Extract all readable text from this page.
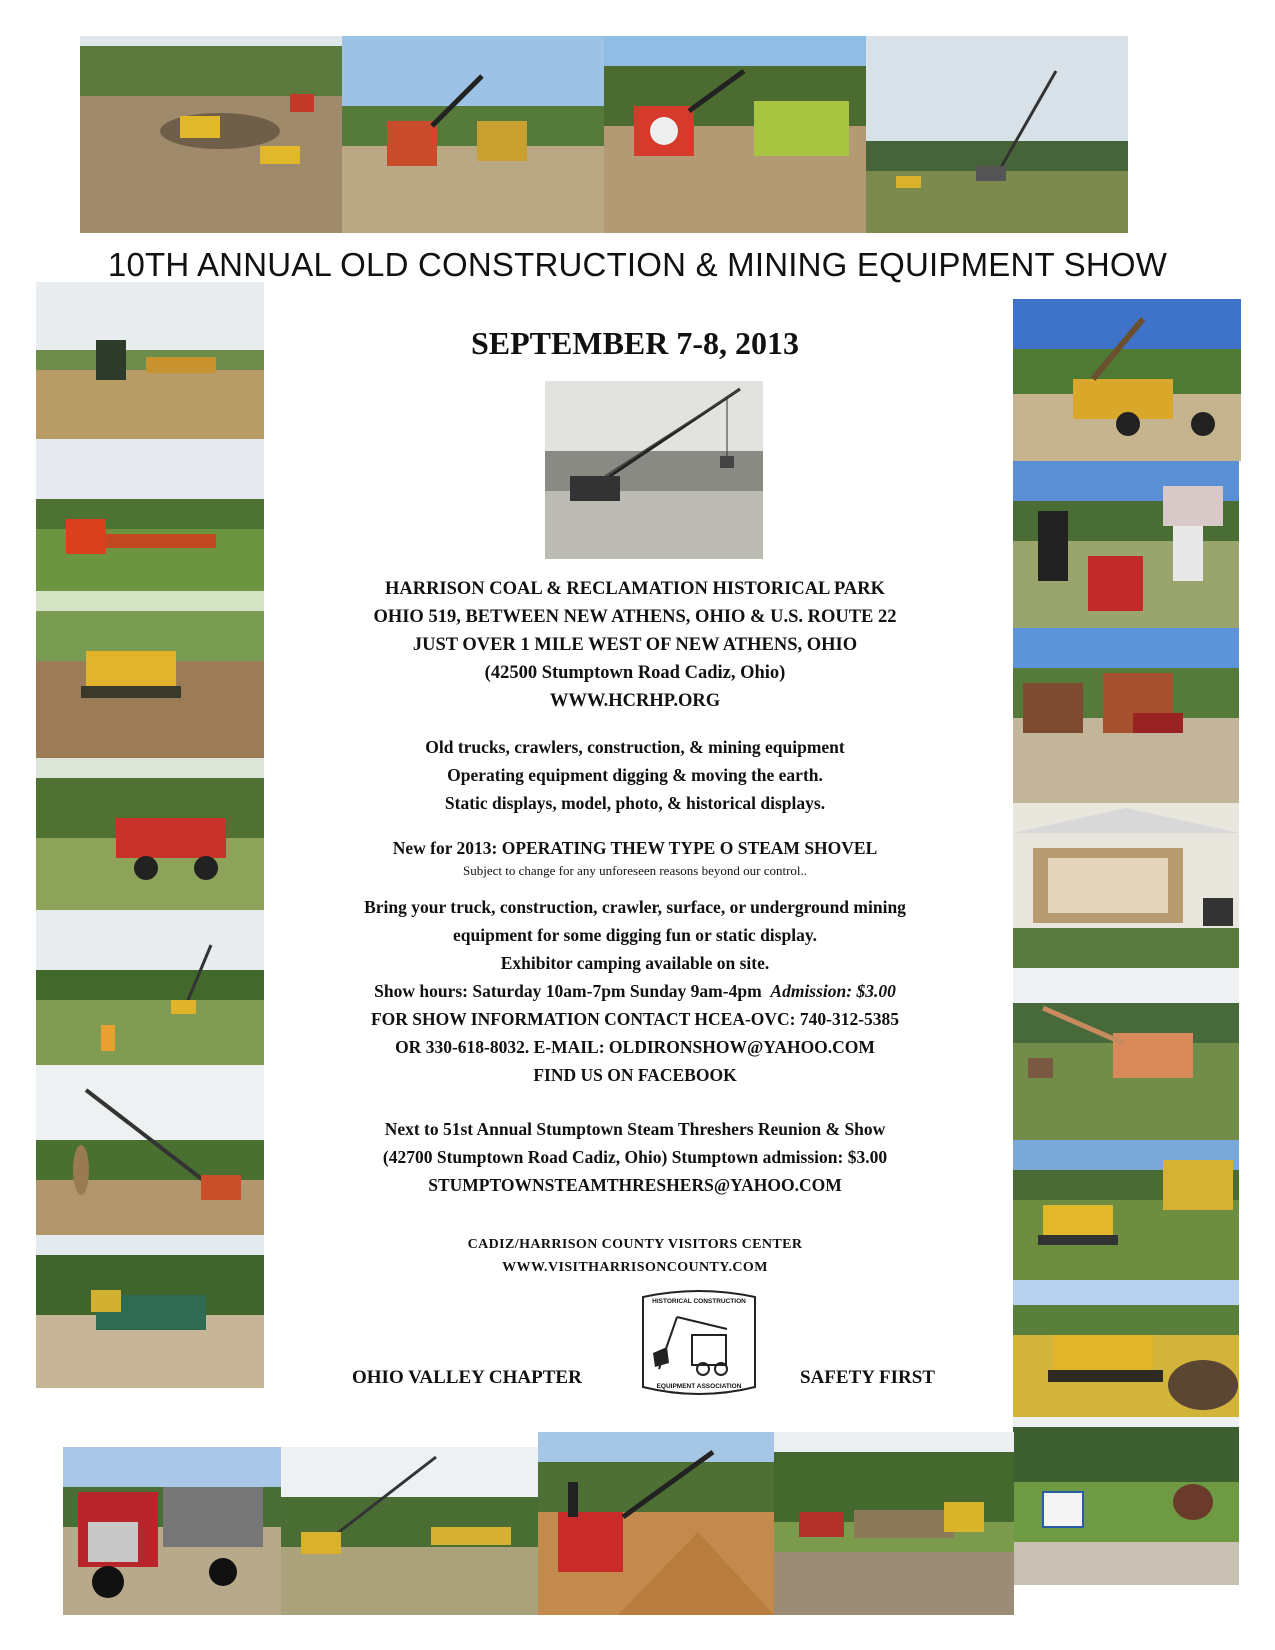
10TH ANNUAL OLD CONSTRUCTION & MINING EQUIPMENT SHOW
SEPTEMBER 7-8, 2013
HARRISON COAL & RECLAMATION HISTORICAL PARK
OHIO 519, BETWEEN NEW ATHENS, OHIO & U.S. ROUTE 22
JUST OVER 1 MILE WEST OF NEW ATHENS, OHIO
(42500 Stumptown Road Cadiz, Ohio)
WWW.HCRHP.ORG
Old trucks, crawlers, construction, & mining equipment
Operating equipment digging & moving the earth.
Static displays, model, photo, & historical displays.
New for 2013: OPERATING THEW TYPE O STEAM SHOVEL
Subject to change for any unforeseen reasons beyond our control..
Bring your truck, construction, crawler, surface, or underground mining
equipment for some digging fun or static display.
Exhibitor camping available on site.
Show hours: Saturday 10am-7pm Sunday 9am-4pm Admission: $3.00
FOR SHOW INFORMATION CONTACT HCEA-OVC: 740-312-5385
OR 330-618-8032. E-MAIL: OLDIRONSHOW@YAHOO.COM
FIND US ON FACEBOOK
Next to 51st Annual Stumptown Steam Threshers Reunion & Show
(42700 Stumptown Road Cadiz, Ohio) Stumptown admission: $3.00
STUMPTOWNSTEAMTHRESHERS@YAHOO.COM
CADIZ/HARRISON COUNTY VISITORS CENTER
WWW.VISITHARRISONCOUNTY.COM
OHIO VALLEY CHAPTER	SAFETY FIRST
HISTORICAL CONSTRUCTION
EQUIPMENT ASSOCIATION
